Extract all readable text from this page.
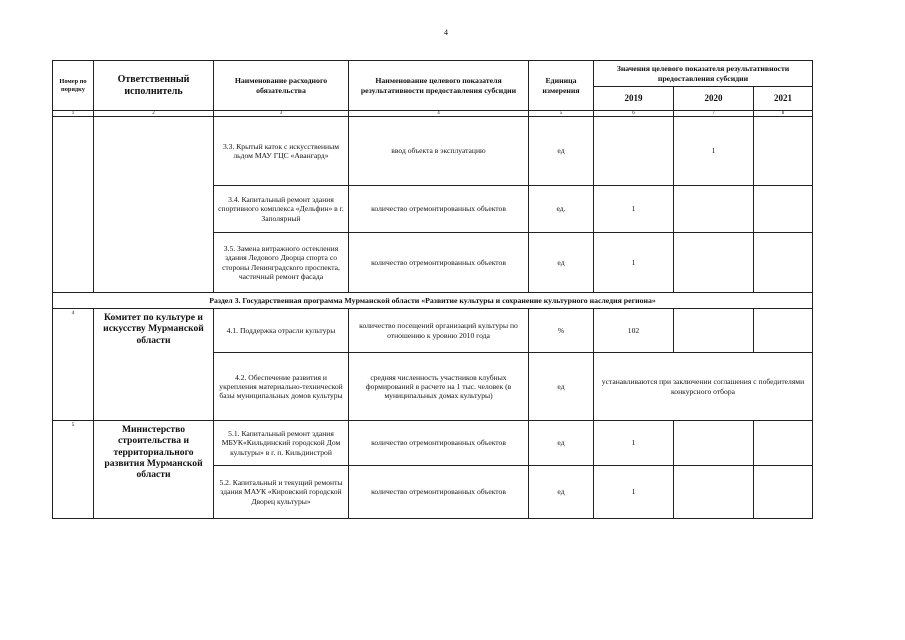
4
Номер по порядку	Ответственный исполнитель	Наименование расходного обязательства	Наименование целевого показателя результативности предоставления субсидии	Единица измерения	Значения целевого показателя результативности предоставления субсидии		
					2019	2020	2021
1	2	3	4	5	6	7	8
		3.3. Крытый каток с искусственным льдом МАУ ГЦС «Авангард»	ввод объекта в эксплуатацию	ед		1	
		3.4. Капитальный ремонт здания спортивного комплекса «Дельфин» в г. Заполярный	количество отремонтированных объектов	ед.	1		
		3.5. Замена витражного остекления здания Ледового Дворца спорта со стороны Ленинградского проспекта, частичный ремонт фасада	количество отремонтированных объектов	ед	1		
Раздел 3. Государственная программа Мурманской области «Развитие культуры и сохранение культурного наследия региона»							
4	Комитет по культуре и искусству Мурманской области	4.1. Поддержка отрасли культуры	количество посещений организаций культуры по отношению к уровню 2010 года	%	102		
		4.2. Обеспечение развития и укрепления материально-технической базы муниципальных домов культуры	средняя численность участников клубных формирований в расчете на 1 тыс. человек (в муниципальных домах культуры)	ед	устанавливаются при заключении соглашения с победителями конкурсного отбора		
5	Министерство строительства и территориального развития Мурманской области	5.1. Капитальный ремонт здания МБУК«Кильдинский городской Дом культуры» в г. п. Кильдинстрой	количество отремонтированных объектов	ед	1		
		5.2. Капитальный и текущий ремонты здания МАУК «Кировский городской Дворец культуры»	количество отремонтированных объектов	ед	1		
